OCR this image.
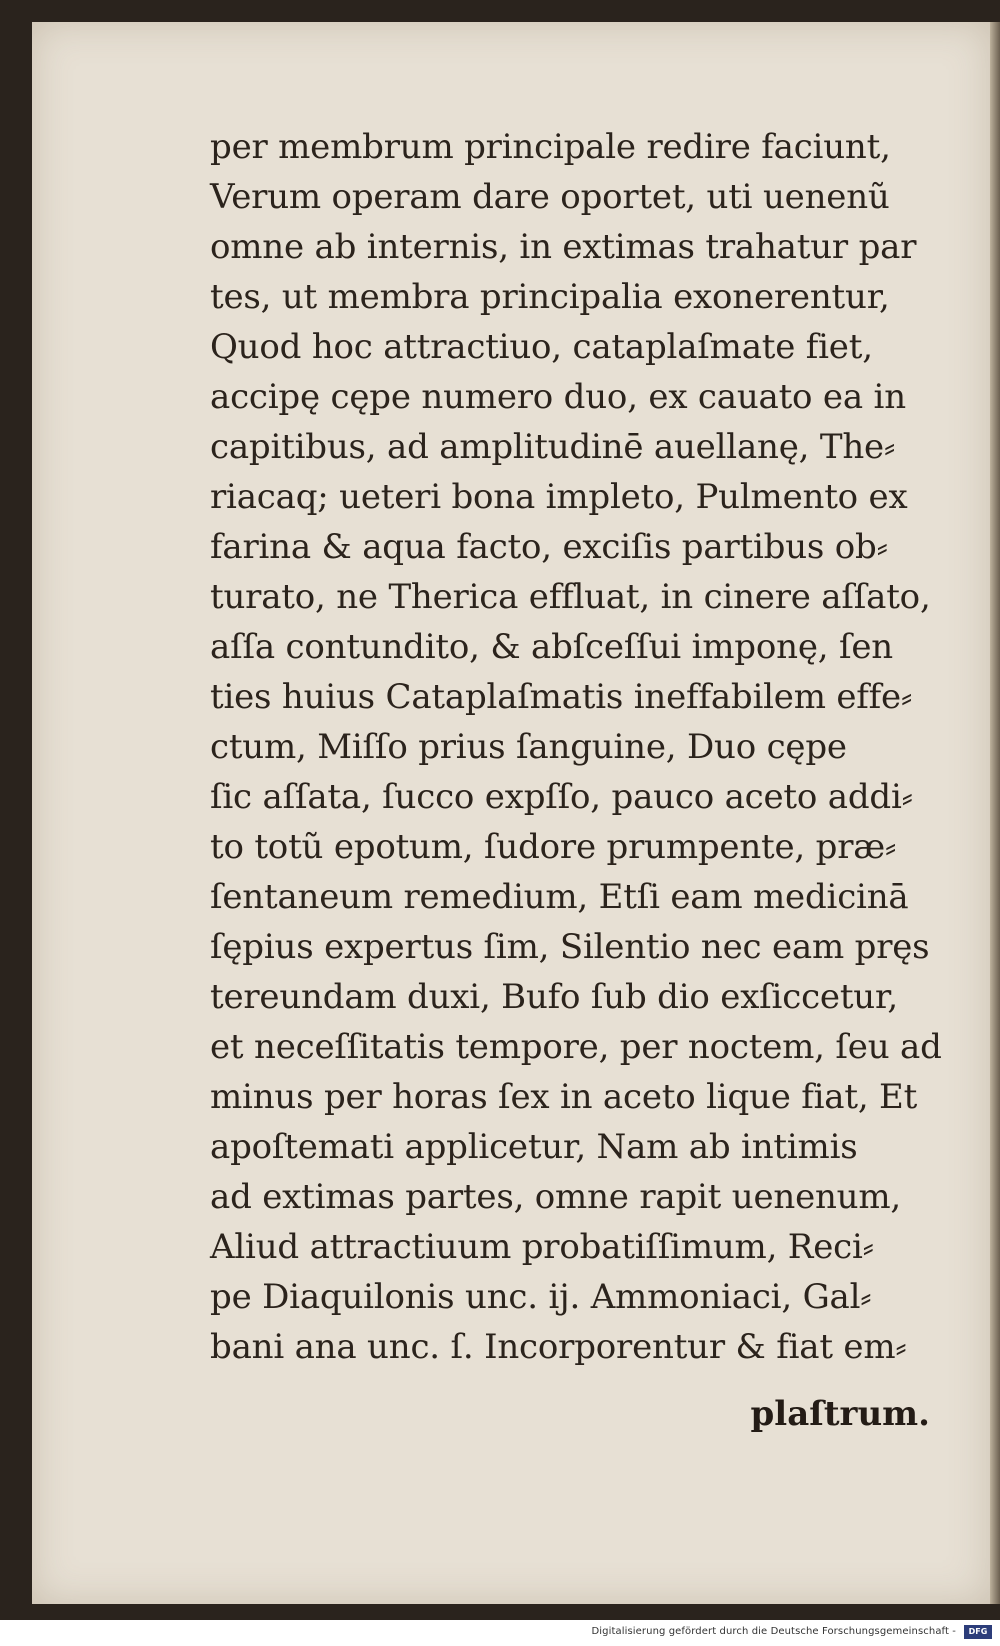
per membrum principale redire faciunt,
Verum operam dare oportet, uti uenenũ
omne ab internis, in extimas trahatur par
tes, ut membra principalia exonerentur,
Quod hoc attractiuo, cataplaſmate fiet,
accipę cępe numero duo, ex cauato ea in
capitibus, ad amplitudinē auellanę, The⸗
riacaq; ueteri bona impleto, Pulmento ex
farina & aqua facto, exciſis partibus ob⸗
turato, ne Therica effluat, in cinere aſſato,
aſſa contundito, & abſceſſui imponę, ſen
ties huius Cataplaſmatis ineffabilem effe⸗
ctum, Miſſo prius ſanguine, Duo cępe
ſic aſſata, ſucco expſſo, pauco aceto addi⸗
to totũ epotum, ſudore prumpente, præ⸗
ſentaneum remedium, Etſi eam medicinā
ſępius expertus ſim, Silentio nec eam pręs
tereundam duxi, Bufo ſub dio exſiccetur,
et neceſſitatis tempore, per noctem, ſeu ad
minus per horas ſex in aceto lique fiat, Et
apoſtemati applicetur, Nam ab intimis
ad extimas partes, omne rapit uenenum,
Aliud attractiuum probatiſſimum, Reci⸗
pe Diaquilonis unc. ij. Ammoniaci, Gal⸗
bani ana unc. ſ. Incorporentur & fiat em⸗
plaſtrum.
Digitalisierung gefördert durch die Deutsche Forschungsgemeinschaft -	DFG
